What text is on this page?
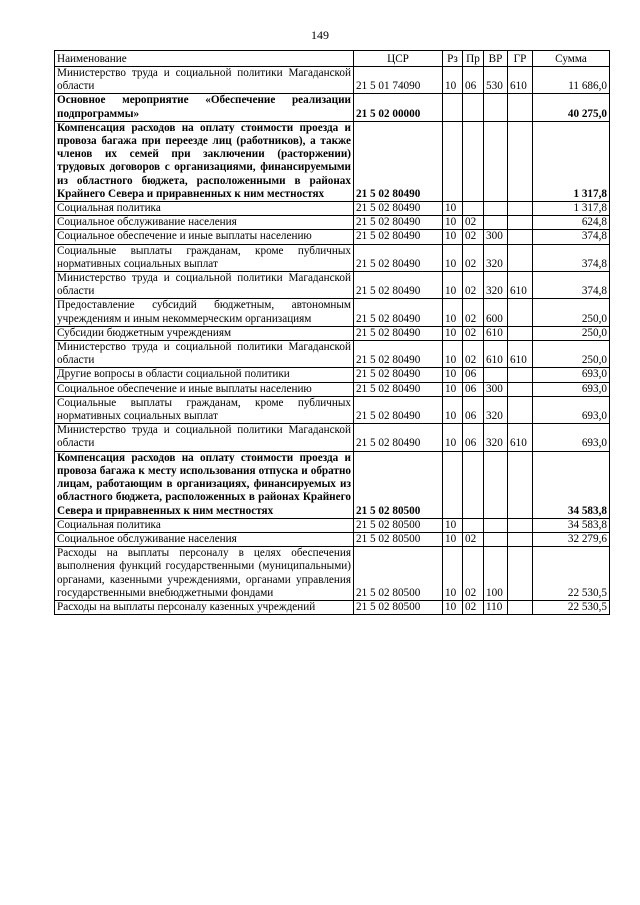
149
Наименование	ЦСР	Рз	Пр	ВР	ГР	Сумма
Министерство труда и социальной политики Магаданской области	21 5 01 74090	10	06	530	610	11 686,0
Основное мероприятие «Обеспечение реализации подпрограммы»	21 5 02 00000					40 275,0
Компенсация расходов на оплату стоимости проезда и провоза багажа при переезде лиц (работников), а также членов их семей при заключении (расторжении) трудовых договоров с организациями, финансируемыми из областного бюджета, расположенными в районах Крайнего Севера и приравненных к ним местностях	21 5 02 80490					1 317,8
Социальная политика	21 5 02 80490	10				1 317,8
Социальное обслуживание населения	21 5 02 80490	10	02			624,8
Социальное обеспечение и иные выплаты населению	21 5 02 80490	10	02	300		374,8
Социальные выплаты гражданам, кроме публичных нормативных социальных выплат	21 5 02 80490	10	02	320		374,8
Министерство труда и социальной политики Магаданской области	21 5 02 80490	10	02	320	610	374,8
Предоставление субсидий бюджетным, автономным учреждениям и иным некоммерческим организациям	21 5 02 80490	10	02	600		250,0
Субсидии бюджетным учреждениям	21 5 02 80490	10	02	610		250,0
Министерство труда и социальной политики Магаданской области	21 5 02 80490	10	02	610	610	250,0
Другие вопросы в области социальной политики	21 5 02 80490	10	06			693,0
Социальное обеспечение и иные выплаты населению	21 5 02 80490	10	06	300		693,0
Социальные выплаты гражданам, кроме публичных нормативных социальных выплат	21 5 02 80490	10	06	320		693,0
Министерство труда и социальной политики Магаданской области	21 5 02 80490	10	06	320	610	693,0
Компенсация расходов на оплату стоимости проезда и провоза багажа к месту использования отпуска и обратно лицам, работающим в организациях, финансируемых из областного бюджета, расположенных в районах Крайнего Севера и приравненных к ним местностях	21 5 02 80500					34 583,8
Социальная политика	21 5 02 80500	10				34 583,8
Социальное обслуживание населения	21 5 02 80500	10	02			32 279,6
Расходы на выплаты персоналу в целях обеспечения выполнения функций государственными (муниципальными) органами, казенными учреждениями, органами управления государственными внебюджетными фондами	21 5 02 80500	10	02	100		22 530,5
Расходы на выплаты персоналу казенных учреждений	21 5 02 80500	10	02	110		22 530,5
